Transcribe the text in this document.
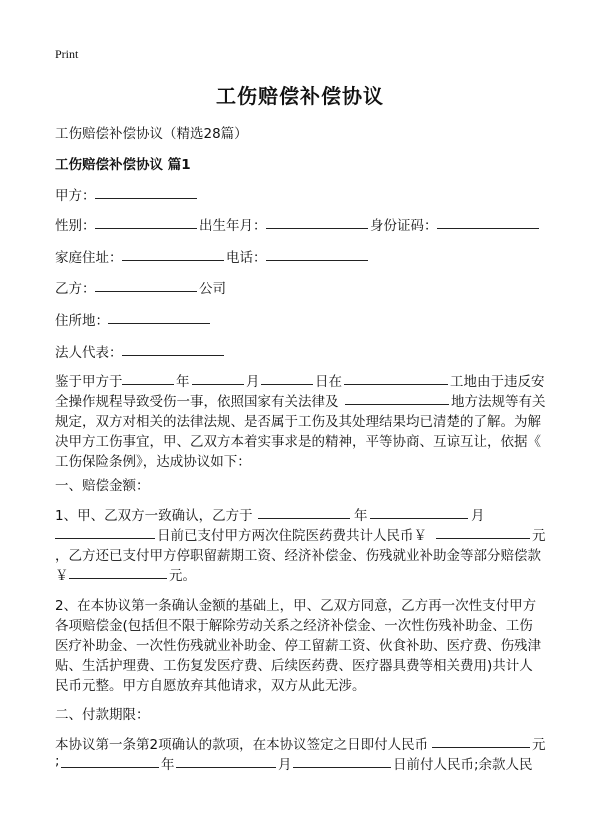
Print
工伤赔偿补偿协议
工伤赔偿补偿协议（精选28篇）
工伤赔偿补偿协议 篇1
甲方：
性别：	出生年月：	身份证码：
家庭住址：	电话：
乙方：	公司
住所地：
法人代表：
鉴于甲方于	年	月	日在	工地由于违反安
全操作规程导致受伤一事，依照国家有关法律及	地方法规等有关
规定，双方对相关的法律法规、是否属于工伤及其处理结果均已清楚的了解。为解
决甲方工伤事宜，甲、乙双方本着实事求是的精神，平等协商、互谅互让，依据《
工伤保险条例》，达成协议如下：
一、赔偿金额：
1、甲、乙双方一致确认，乙方于	年	月
日前已支付甲方两次住院医药费共计人民币￥	元
，乙方还已支付甲方停职留薪期工资、经济补偿金、伤残就业补助金等部分赔偿款
￥	元。
2、在本协议第一条确认金额的基础上，甲、乙双方同意，乙方再一次性支付甲方
各项赔偿金(包括但不限于解除劳动关系之经济补偿金、一次性伤残补助金、工伤
医疗补助金、一次性伤残就业补助金、停工留薪工资、伙食补助、医疗费、伤残津
贴、生活护理费、工伤复发医疗费、后续医药费、医疗器具费等相关费用)共计人
民币元整。甲方自愿放弃其他请求，双方从此无涉。
二、付款期限：
本协议第一条第2项确认的款项，在本协议签定之日即付人民币	元
;	年	月	日前付人民币;余款人民
